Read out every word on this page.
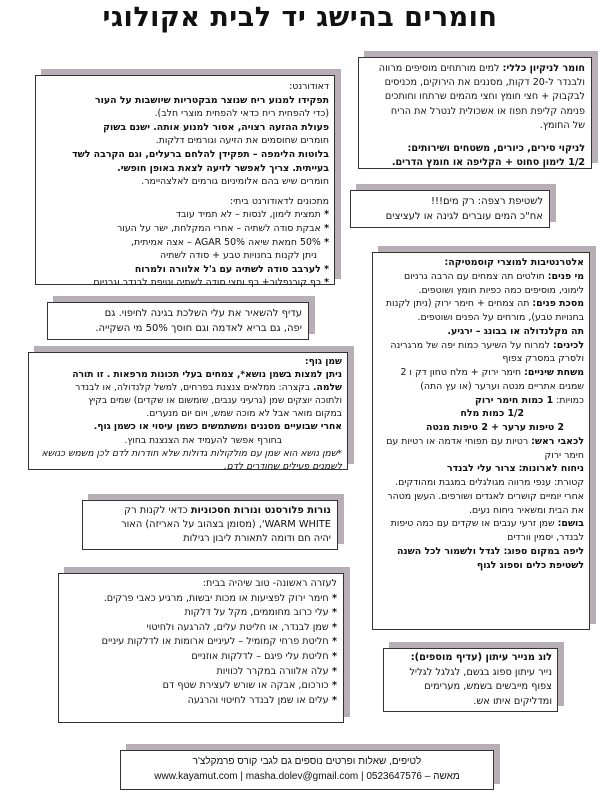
חומרים בהישג יד לבית אקולוגי

חומר לניקיון כללי: למים מורתחים מוסיפים מרווה

ולבנדר ל-20 דקות, מסננים את הירוקים, מכניסים

לבקבוק + חצי חומץ וחצי מהמים שרתחו וחותכים

פנימה קליפת תפוז או אשכולית לנטרל את הריח

של החומץ.

לניקוי סירים, כיורים, משטחים ושירותים:

1/2 לימון סחוט + הקליפה או חומץ הדרים.

דאודורנט:

תפקידו למנוע ריח שנוצר מבקטריות שיושבות על העור

(כדי להפחית ריח כדאי להפחית מוצרי חלב).

פעולת ההזעה רצויה, אסור למנוע אותה. ישנם בשוק

חומרים שחוסמים את הזיעה וגורמים דלקות.

בלוטות הלימפה – תפקידן להלחם ברעלים, וגם הקרבה לשד

בעייתית. צריך לאפשר לזיעה לצאת באופן חופשי.

חומרים שיש בהם אלומיניום גורמים לאלצהיימר.

מתכונים לדאודורנט ביתי:

* תמצית לימון, לנסות – לא תמיד עובד

* אבקת סודה לשתיה – אחרי המקלחת, ישר על העור

* 50% חמאת שיאה 50% AGAR – אצה אמיתית,

ניתן לקנות בחנויות טבע + סודה לשתיה

* לערבב סודה לשתיה עם ג'ל אלוורה ולמרוח

* כף קורנפלור+ כף וחצי סודה לשתיה וטיפת לבנדר וגרניום

לשטיפת רצפה: רק מים!!!

אח"כ המים עוברים לגינה או לעציצים

אלטרנטיבות למוצרי קוסמטיקה:

מי פנים: חולטים תה צמחים עם הרבה גרניום לימוני, מוסיפים כמה כפיות חומץ ושוטפים.

מסכת פנים: תה צמחים + חימר ירוק (ניתן לקנות בחנויות טבע), מורחים על הפנים ושוטפים.

תה מקלנדולה או בבונג – ירגיע.

לכינים: למרוח על השיער כמות יפה של מרגרינה ולסרק במסרק צפוף

משחת שיניים: חימר ירוק + מלח טחון דק ו 2 שמנים אתריים מנטה וערער (או עץ התה)

כמויות: 1 כמות חימר ירוק

1/2 כמות מלח

2 טיפות ערער + 2 טיפות מנטה

לכאבי ראש: רטיות עם תפוחי אדמה או רטיות עם חימר ירוק

ניחוח לארונות: צרור עלי לבנדר

קטורת: ענפי מרווה מגולגלים במגבת ומהודקים. אחרי יומיים קושרים לאגדים ושורפים. העשן מטהר את הבית ומשאיר ניחוח נעים.

בושם: שמן זרעי ענבים או שקדים עם כמה טיפות לבנדר, יסמין וורדים

ליפה במקום ספוג: לגדל ולשמור לכל השנה לשטיפת כלים וספוג לגוף

עדיף להשאיר את עלי השלכת בגינה לחיפוי. גם

יפה, גם בריא לאדמה וגם חוסך 50% מי השקייה.

שמן גוף:

ניתן למצות בשמן נושא*, צמחים בעלי תכונות מרפאות . זו תורה

שלמה. בקצרה: ממלאים צנצנת בפרחים, למשל קלנדולה, או לבנדר

ולתוכה יוצקים שמן (גרעיני ענבים, שומשום או שקדים) שמים בקיץ

במקום מואר אבל לא מוכה שמש, ויום יום מנערים.

אחרי שבועיים מסננים ומשתמשים כשמן עיסוי או כשמן גוף.

בחורף אפשר להעמיד את הצנצנת בחוץ.

*שמן נושא הוא שמן עם מולקולות גדולות שלא חודרות לדם לכן משמש כנושא לשמנים פעילים שחודרים לדם.

נורות פלורסנט ונורות חסכוניות כדאי לקנות רק

WARM WHITE', (מסומן בצהוב על האריזה) האור

יהיה חם ודומה לתאורת ליבון רגילות

לעזרה ראשונה- טוב שיהיה בבית:

* חימר ירוק לפציעות או מכות יבשות, מרגיע כאבי פרקים.

* עלי כרוב מחוממים, מקל על דלקות

* שמן לבנדר, או חליטת עלים, להרגעה ולחיטוי

* חליטת פרחי קמומיל – לעיניים ארומות או לדלקות עיניים

* חליטת עלי פיגם – לדלקות אוזניים

* עלה אלוורה במקרר לכוויות

* כורכום, אבקה או שורש לעצירת שטף דם

* עלים או שמן לבנדר לחיטוי והרגעה

לוג מנייר עיתון (עדיף מוספים):

נייר עיתון ספוג בגשם, לגלגל לגליל

צפוף מייבשים בשמש, מערימים

ומדליקים איתו אש.

לטיפים, שאלות ופרטים נוספים גם לגבי קורס פרמקלצ'ר

www.kayamut.com | masha.dolev@gmail.com | 0523647576 – מאשה
